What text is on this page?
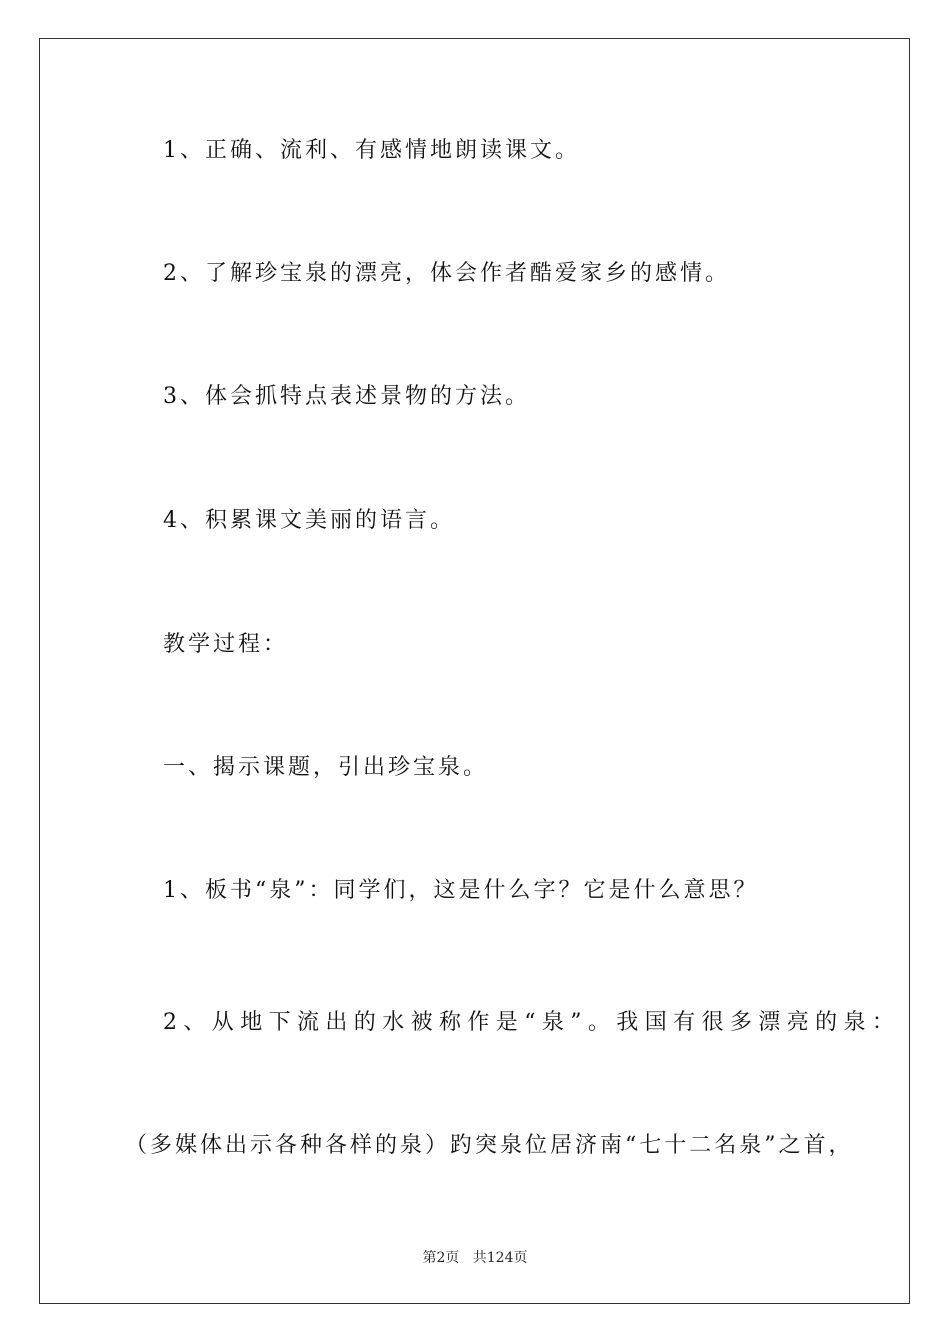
1、正确、流利、有感情地朗读课文。
2、了解珍宝泉的漂亮，体会作者酷爱家乡的感情。
3、体会抓特点表述景物的方法。
4、积累课文美丽的语言。
教学过程：
一、揭示课题，引出珍宝泉。
1、板书“泉”：同学们，这是什么字？它是什么意思？
2、从地下流出的水被称作是“泉”。我国有很多漂亮的泉：
（多媒体出示各种各样的泉）趵突泉位居济南“七十二名泉”之首，
第2页 共124页
